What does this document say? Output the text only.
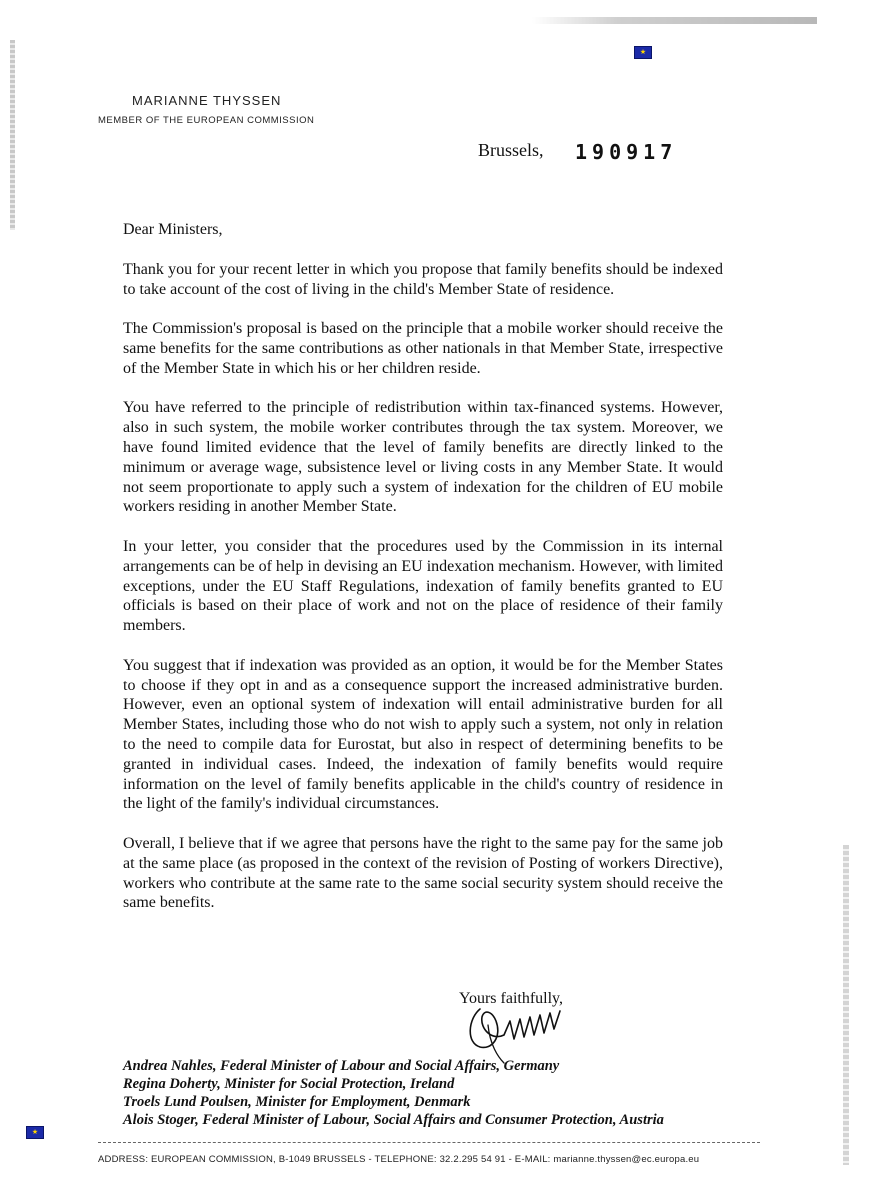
★
MARIANNE THYSSEN
MEMBER OF THE EUROPEAN COMMISSION
Brussels, 190917

Dear Ministers,

Thank you for your recent letter in which you propose that family benefits should be indexed to take account of the cost of living in the child's Member State of residence.

The Commission's proposal is based on the principle that a mobile worker should receive the same benefits for the same contributions as other nationals in that Member State, irrespective of the Member State in which his or her children reside.

You have referred to the principle of redistribution within tax-financed systems. However, also in such system, the mobile worker contributes through the tax system. Moreover, we have found limited evidence that the level of family benefits are directly linked to the minimum or average wage, subsistence level or living costs in any Member State. It would not seem proportionate to apply such a system of indexation for the children of EU mobile workers residing in another Member State.

In your letter, you consider that the procedures used by the Commission in its internal arrangements can be of help in devising an EU indexation mechanism. However, with limited exceptions, under the EU Staff Regulations, indexation of family benefits granted to EU officials is based on their place of work and not on the place of residence of their family members.

You suggest that if indexation was provided as an option, it would be for the Member States to choose if they opt in and as a consequence support the increased administrative burden. However, even an optional system of indexation will entail administrative burden for all Member States, including those who do not wish to apply such a system, not only in relation to the need to compile data for Eurostat, but also in respect of determining benefits to be granted in individual cases. Indeed, the indexation of family benefits would require information on the level of family benefits applicable in the child's country of residence in the light of the family's individual circumstances.

Overall, I believe that if we agree that persons have the right to the same pay for the same job at the same place (as proposed in the context of the revision of Posting of workers Directive), workers who contribute at the same rate to the same social security system should receive the same benefits.

Yours faithfully,
Andrea Nahles, Federal Minister of Labour and Social Affairs, Germany
Regina Doherty, Minister for Social Protection, Ireland
Troels Lund Poulsen, Minister for Employment, Denmark
Alois Stoger, Federal Minister of Labour, Social Affairs and Consumer Protection, Austria
★
ADDRESS: EUROPEAN COMMISSION, B-1049 BRUSSELS - TELEPHONE: 32.2.295 54 91 - E-MAIL: marianne.thyssen@ec.europa.eu
